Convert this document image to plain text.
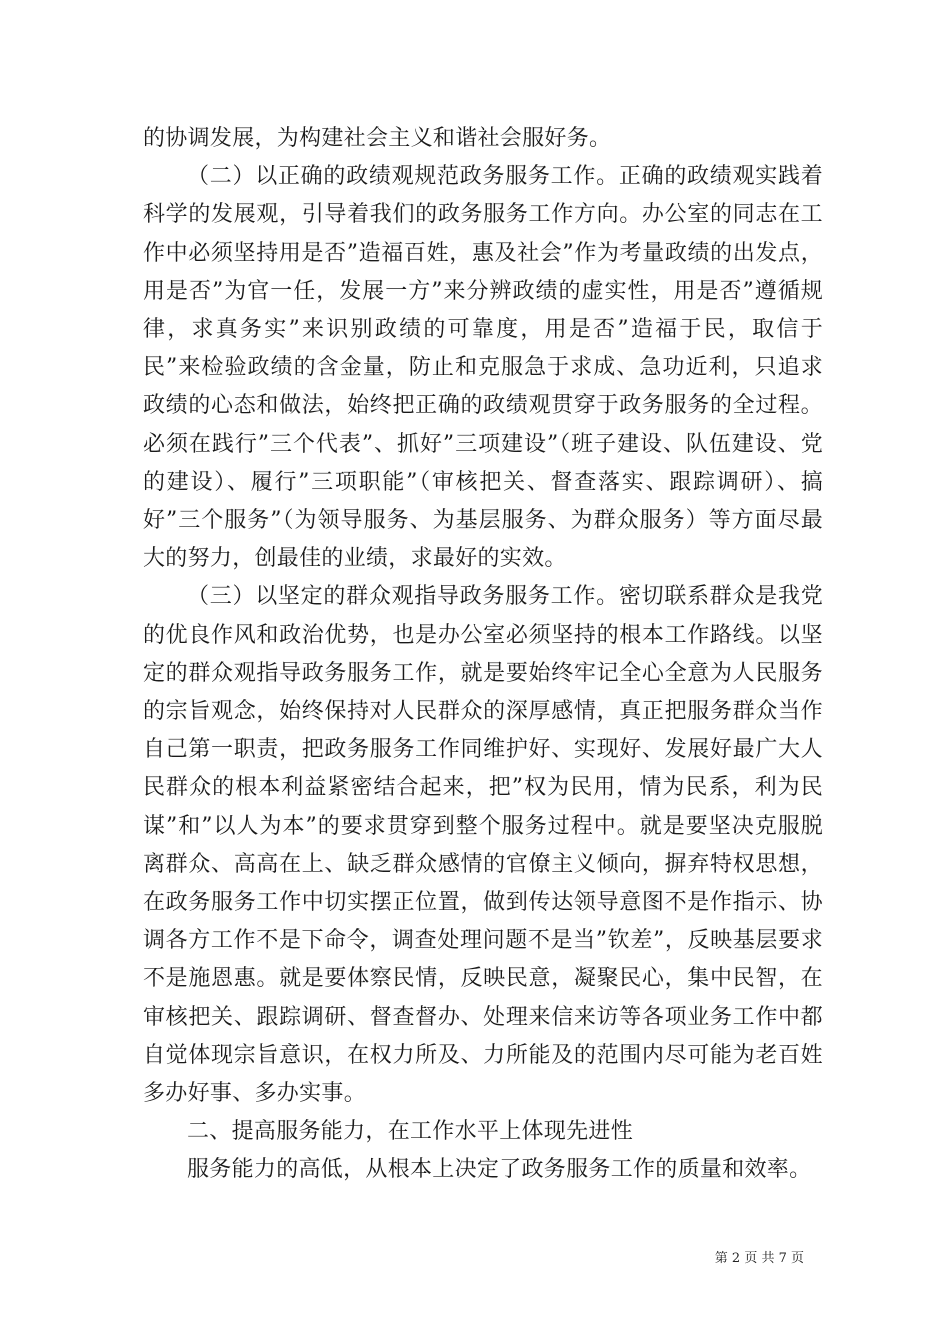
的协调发展，为构建社会主义和谐社会服好务。

（二）以正确的政绩观规范政务服务工作。正确的政绩观实践着科学的发展观，引导着我们的政务服务工作方向。办公室的同志在工作中必须坚持用是否”造福百姓，惠及社会”作为考量政绩的出发点，用是否”为官一任，发展一方”来分辨政绩的虚实性，用是否”遵循规律，求真务实”来识别政绩的可靠度，用是否”造福于民，取信于民”来检验政绩的含金量，防止和克服急于求成、急功近利，只追求政绩的心态和做法，始终把正确的政绩观贯穿于政务服务的全过程。必须在践行”三个代表”、抓好”三项建设”（班子建设、队伍建设、党的建设）、履行”三项职能”（审核把关、督查落实、跟踪调研）、搞好”三个服务”（为领导服务、为基层服务、为群众服务）等方面尽最大的努力，创最佳的业绩，求最好的实效。

（三）以坚定的群众观指导政务服务工作。密切联系群众是我党的优良作风和政治优势，也是办公室必须坚持的根本工作路线。以坚定的群众观指导政务服务工作，就是要始终牢记全心全意为人民服务的宗旨观念，始终保持对人民群众的深厚感情，真正把服务群众当作自己第一职责，把政务服务工作同维护好、实现好、发展好最广大人民群众的根本利益紧密结合起来，把”权为民用，情为民系，利为民谋”和”以人为本”的要求贯穿到整个服务过程中。就是要坚决克服脱离群众、高高在上、缺乏群众感情的官僚主义倾向，摒弃特权思想，在政务服务工作中切实摆正位置，做到传达领导意图不是作指示、协调各方工作不是下命令，调查处理问题不是当”钦差”，反映基层要求不是施恩惠。就是要体察民情，反映民意，凝聚民心，集中民智，在审核把关、跟踪调研、督查督办、处理来信来访等各项业务工作中都自觉体现宗旨意识，在权力所及、力所能及的范围内尽可能为老百姓多办好事、多办实事。

二、提高服务能力，在工作水平上体现先进性

服务能力的高低，从根本上决定了政务服务工作的质量和效率。

第 2 页 共 7 页
